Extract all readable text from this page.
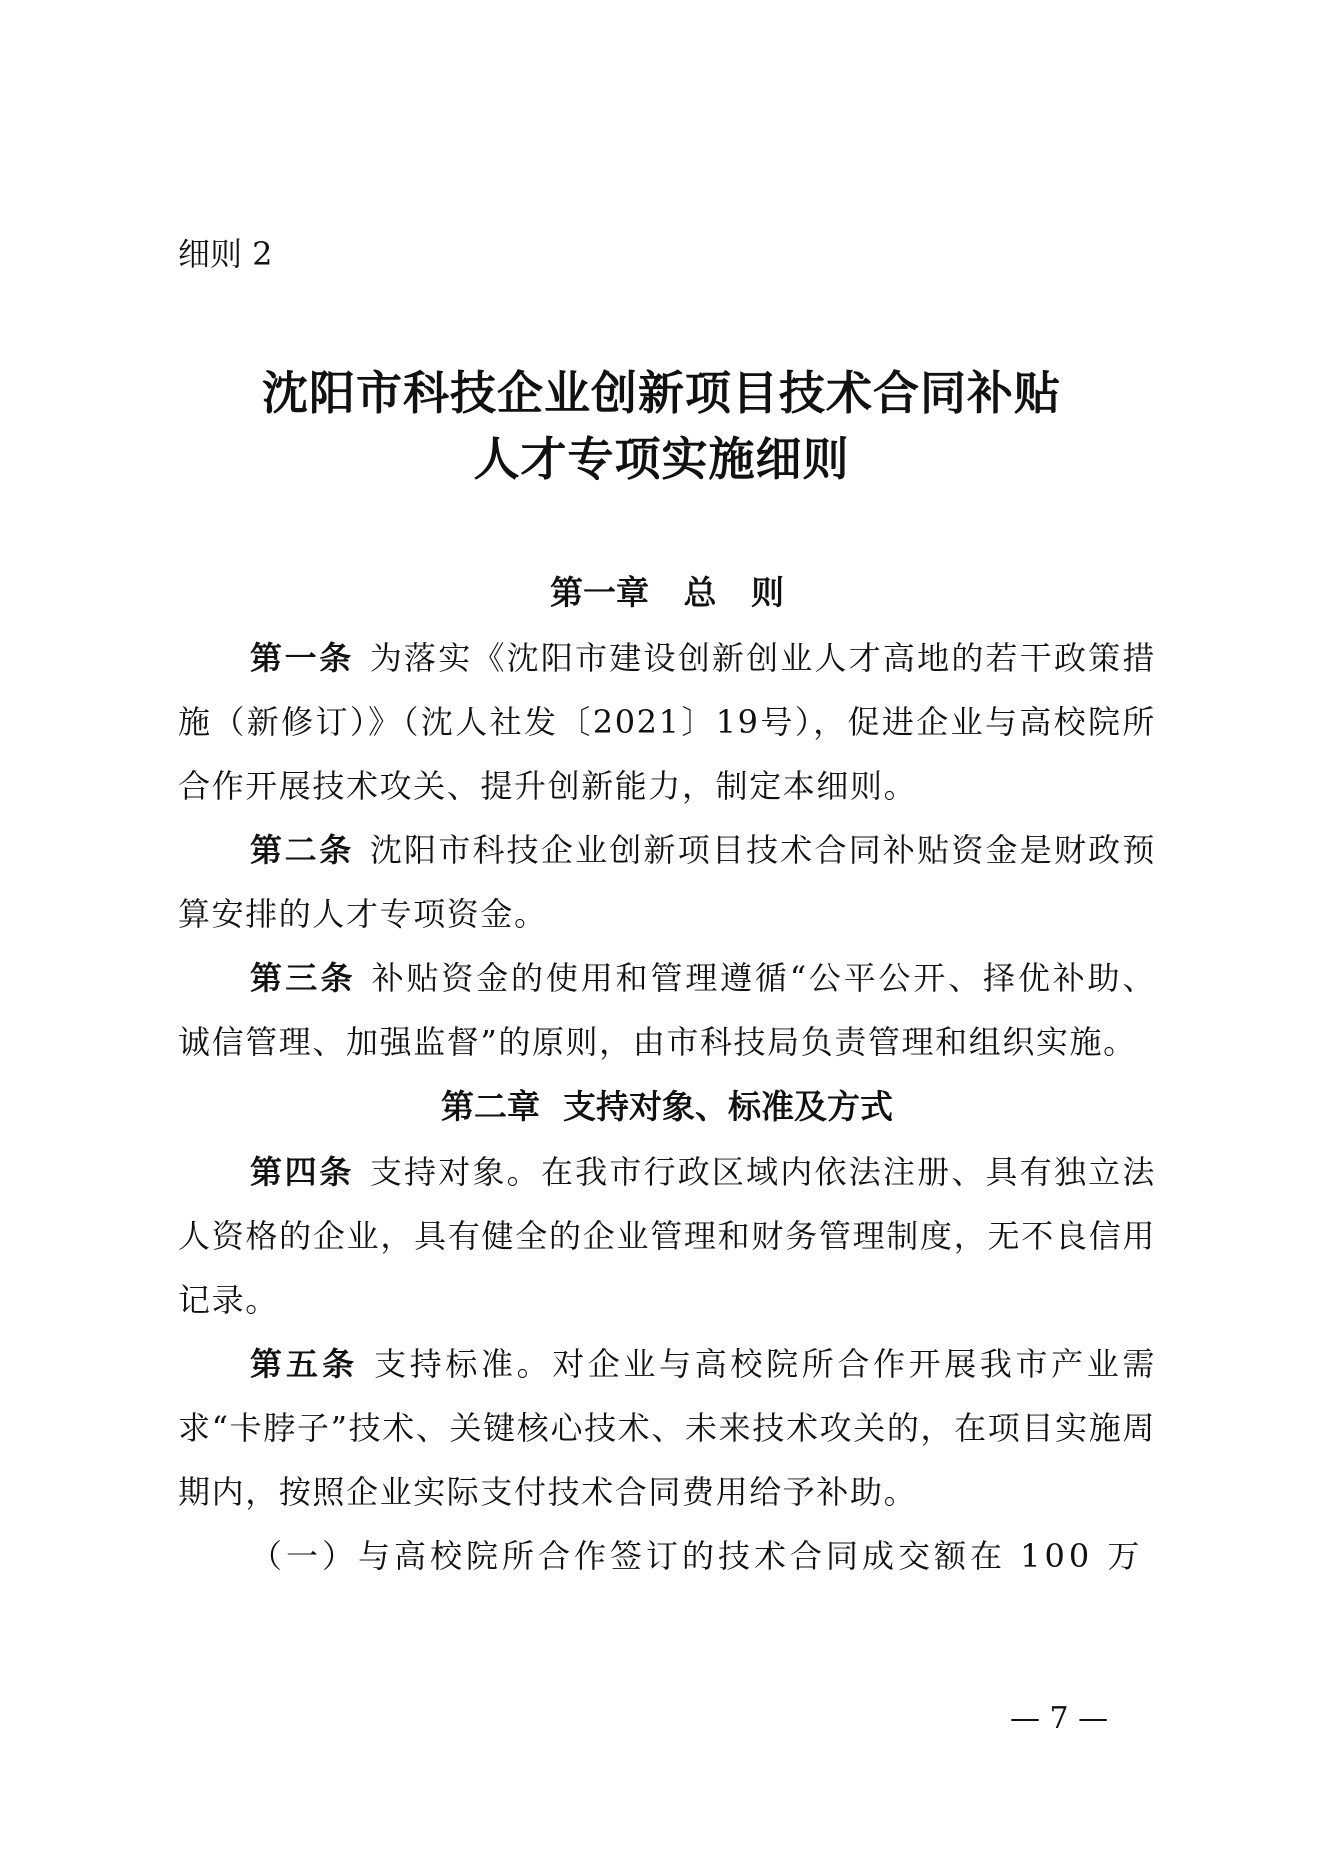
细则 2

沈阳市科技企业创新项目技术合同补贴
人才专项实施细则
第一章   总   则

第一条 为落实《沈阳市建设创新创业人才高地的若干政策措施（新修订）》（沈人社发〔2021〕19号），促进企业与高校院所合作开展技术攻关、提升创新能力，制定本细则。

第二条 沈阳市科技企业创新项目技术合同补贴资金是财政预算安排的人才专项资金。

第三条 补贴资金的使用和管理遵循“公平公开、择优补助、诚信管理、加强监督”的原则，由市科技局负责管理和组织实施。

第二章  支持对象、标准及方式

第四条 支持对象。在我市行政区域内依法注册、具有独立法人资格的企业，具有健全的企业管理和财务管理制度，无不良信用记录。

第五条 支持标准。对企业与高校院所合作开展我市产业需求“卡脖子”技术、关键核心技术、未来技术攻关的，在项目实施周期内，按照企业实际支付技术合同费用给予补助。

（一）与高校院所合作签订的技术合同成交额在 100 万

— 7 —
